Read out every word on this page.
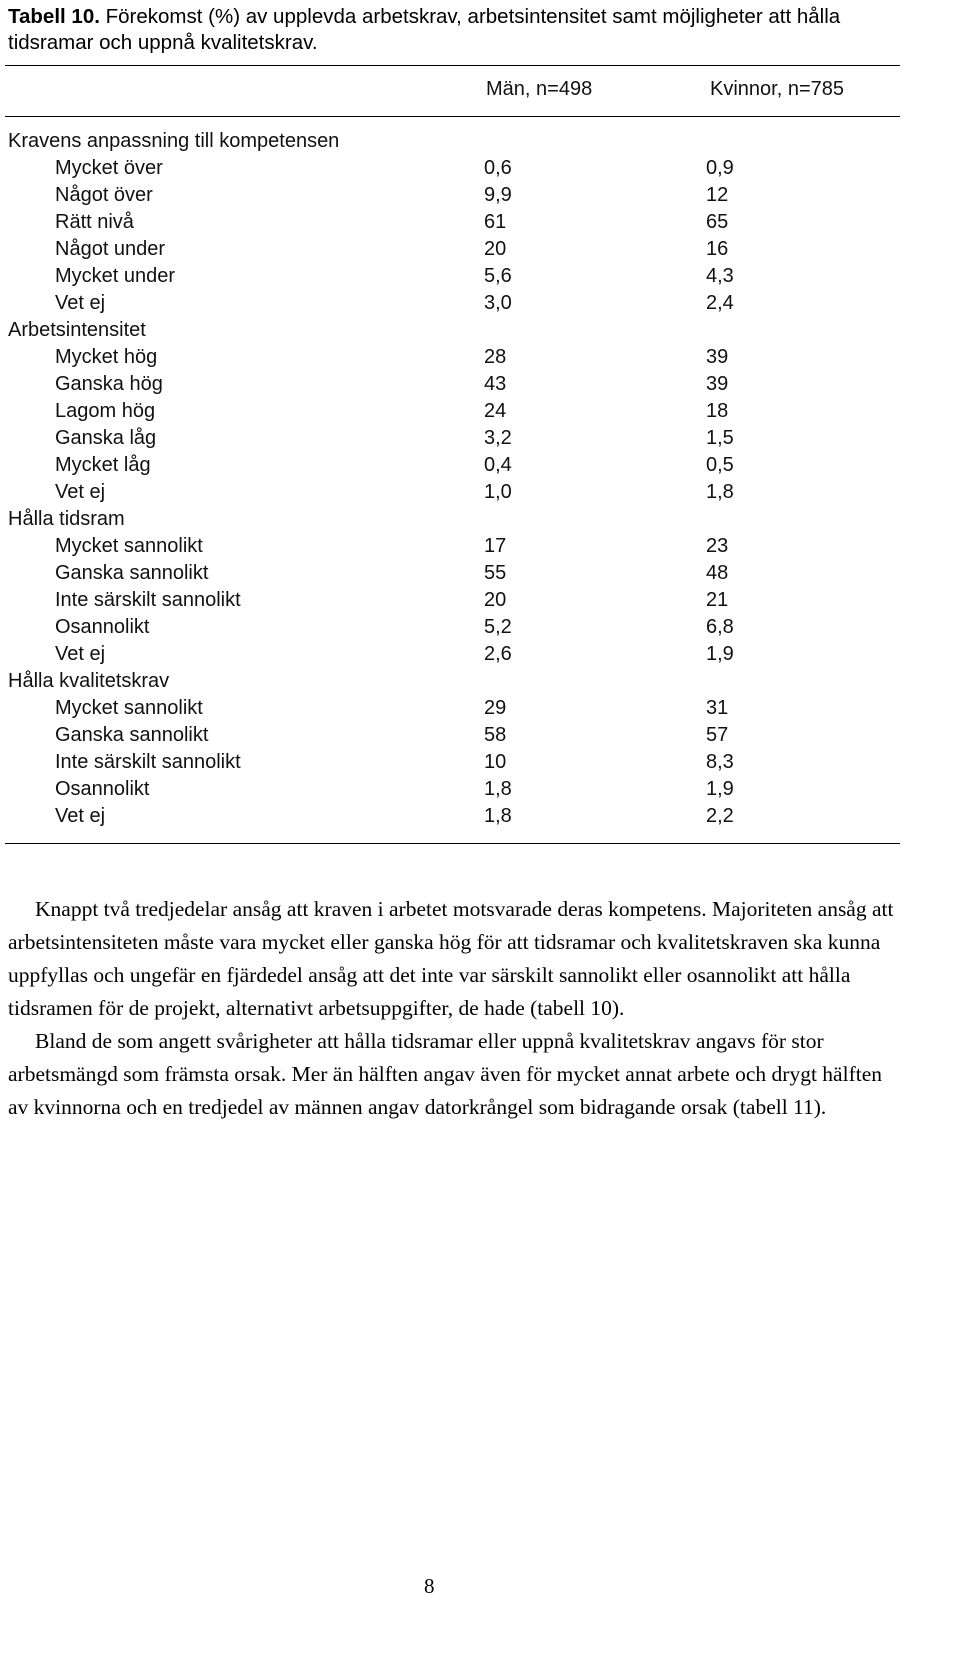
Tabell 10. Förekomst (%) av upplevda arbetskrav, arbetsintensitet samt möjligheter att hålla tidsramar och uppnå kvalitetskrav.
Män, n=498	Kvinnor, n=785
Kravens anpassning till kompetensen
Mycket över	0,6	0,9
Något över	9,9	12
Rätt nivå	61	65
Något under	20	16
Mycket under	5,6	4,3
Vet ej	3,0	2,4
Arbetsintensitet
Mycket hög	28	39
Ganska hög	43	39
Lagom hög	24	18
Ganska låg	3,2	1,5
Mycket låg	0,4	0,5
Vet ej	1,0	1,8
Hålla tidsram
Mycket sannolikt	17	23
Ganska sannolikt	55	48
Inte särskilt sannolikt	20	21
Osannolikt	5,2	6,8
Vet ej	2,6	1,9
Hålla kvalitetskrav
Mycket sannolikt	29	31
Ganska sannolikt	58	57
Inte särskilt sannolikt	10	8,3
Osannolikt	1,8	1,9
Vet ej	1,8	2,2

Knappt två tredjedelar ansåg att kraven i arbetet motsvarade deras kompetens. Majoriteten ansåg att arbetsintensiteten måste vara mycket eller ganska hög för att tidsramar och kvalitetskraven ska kunna uppfyllas och ungefär en fjärdedel ansåg att det inte var särskilt sannolikt eller osannolikt att hålla tidsramen för de projekt, alternativt arbetsuppgifter, de hade (tabell 10).

Bland de som angett svårigheter att hålla tidsramar eller uppnå kvalitetskrav angavs för stor arbetsmängd som främsta orsak. Mer än hälften angav även för mycket annat arbete och drygt hälften av kvinnorna och en tredjedel av männen angav datorkrångel som bidragande orsak (tabell 11).

8
